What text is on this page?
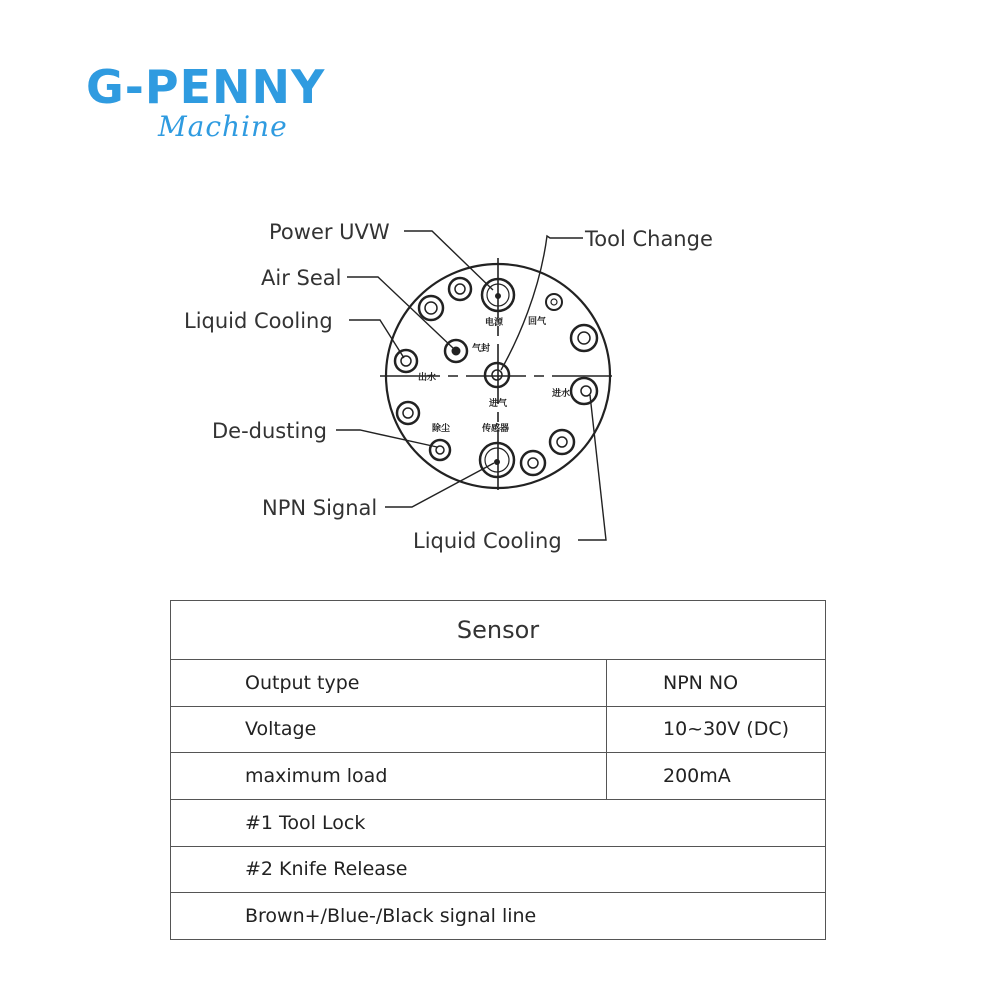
G-PENNY
Machine
电源	回气
气封
出水
进气
进水
除尘	传感器
Power UVW	Tool Change
Air Seal
Liquid Cooling
De-dusting
NPN Signal
Liquid Cooling
Sensor	
Output type	NPN NO
Voltage	10~30V (DC)
maximum load	200mA
#1 Tool Lock	
#2 Knife Release	
Brown+/Blue-/Black signal line	
